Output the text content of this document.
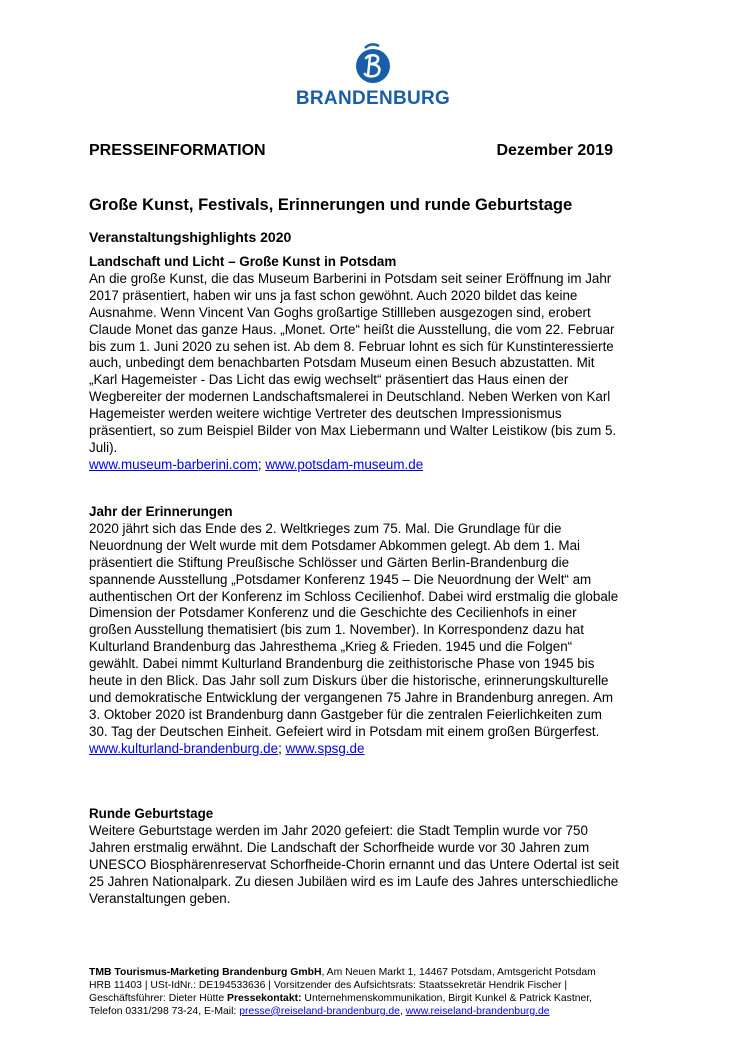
BRANDENBURG
PRESSEINFORMATION	Dezember 2019
Große Kunst, Festivals, Erinnerungen und runde Geburtstage
Veranstaltungshighlights 2020
Landschaft und Licht – Große Kunst in Potsdam

An die große Kunst, die das Museum Barberini in Potsdam seit seiner Eröffnung im Jahr 2017 präsentiert, haben wir uns ja fast schon gewöhnt. Auch 2020 bildet das keine Ausnahme. Wenn Vincent Van Goghs großartige Stillleben ausgezogen sind, erobert Claude Monet das ganze Haus. „Monet. Orte“ heißt die Ausstellung, die vom 22. Februar bis zum 1. Juni 2020 zu sehen ist. Ab dem 8. Februar lohnt es sich für Kunstinteressierte auch, unbedingt dem benachbarten Potsdam Museum einen Besuch abzustatten. Mit „Karl Hagemeister - Das Licht das ewig wechselt“ präsentiert das Haus einen der Wegbereiter der modernen Landschaftsmalerei in Deutschland. Neben Werken von Karl Hagemeister werden weitere wichtige Vertreter des deutschen Impressionismus präsentiert, so zum Beispiel Bilder von Max Liebermann und Walter Leistikow (bis zum 5. Juli).

www.museum-barberini.com; www.potsdam-museum.de

Jahr der Erinnerungen

2020 jährt sich das Ende des 2. Weltkrieges zum 75. Mal. Die Grundlage für die Neuordnung der Welt wurde mit dem Potsdamer Abkommen gelegt. Ab dem 1. Mai präsentiert die Stiftung Preußische Schlösser und Gärten Berlin-Brandenburg die spannende Ausstellung „Potsdamer Konferenz 1945 – Die Neuordnung der Welt“ am authentischen Ort der Konferenz im Schloss Cecilienhof. Dabei wird erstmalig die globale Dimension der Potsdamer Konferenz und die Geschichte des Cecilienhofs in einer großen Ausstellung thematisiert (bis zum 1. November). In Korrespondenz dazu hat Kulturland Brandenburg das Jahresthema „Krieg & Frieden. 1945 und die Folgen“ gewählt. Dabei nimmt Kulturland Brandenburg die zeithistorische Phase von 1945 bis heute in den Blick. Das Jahr soll zum Diskurs über die historische, erinnerungskulturelle und demokratische Entwicklung der vergangenen 75 Jahre in Brandenburg anregen. Am 3. Oktober 2020 ist Brandenburg dann Gastgeber für die zentralen Feierlichkeiten zum 30. Tag der Deutschen Einheit. Gefeiert wird in Potsdam mit einem großen Bürgerfest.

www.kulturland-brandenburg.de; www.spsg.de

Runde Geburtstage

Weitere Geburtstage werden im Jahr 2020 gefeiert: die Stadt Templin wurde vor 750 Jahren erstmalig erwähnt. Die Landschaft der Schorfheide wurde vor 30 Jahren zum UNESCO Biosphärenreservat Schorfheide-Chorin ernannt und das Untere Odertal ist seit 25 Jahren Nationalpark. Zu diesen Jubiläen wird es im Laufe des Jahres unterschiedliche Veranstaltungen geben.

TMB Tourismus-Marketing Brandenburg GmbH, Am Neuen Markt 1, 14467 Potsdam, Amtsgericht Potsdam HRB 11403 | USt-IdNr.: DE194533636 | Vorsitzender des Aufsichtsrats: Staatssekretär Hendrik Fischer | Geschäftsführer: Dieter Hütte Pressekontakt: Unternehmenskommunikation, Birgit Kunkel & Patrick Kastner, Telefon 0331/298 73-24, E-Mail: presse@reiseland-brandenburg.de, www.reiseland-brandenburg.de
